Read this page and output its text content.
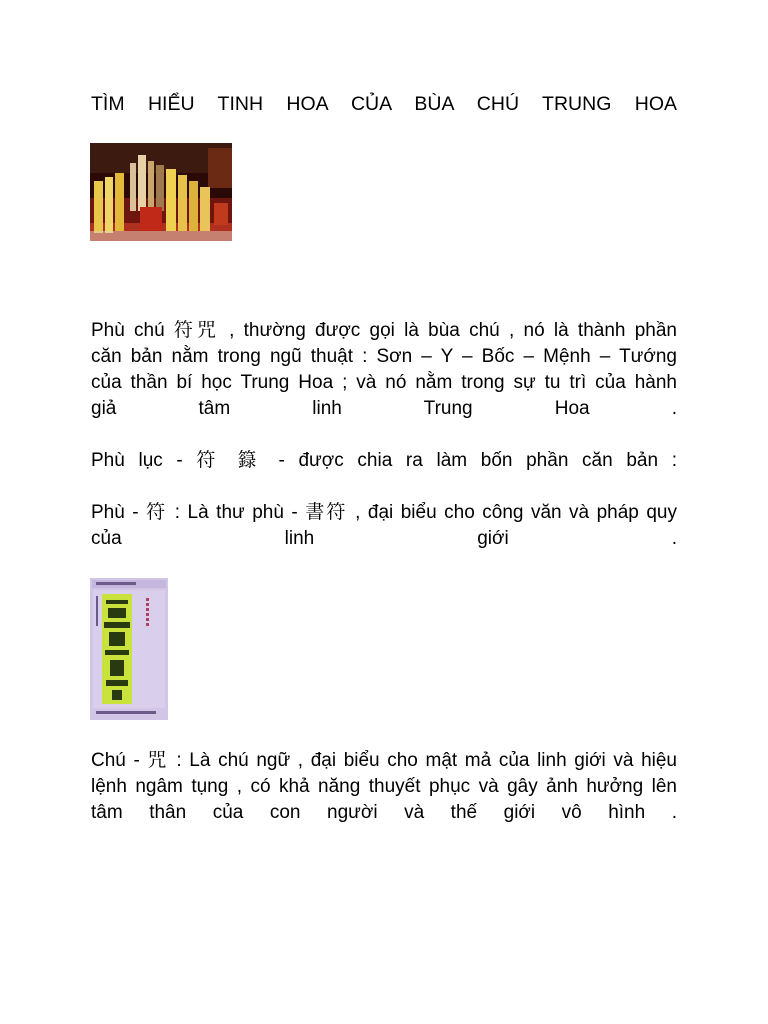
TÌM HIỂU TINH HOA CỦA BÙA CHÚ TRUNG HOA
Phù chú 符咒 , thường được gọi là bùa chú , nó là thành phần
căn bản nằm trong ngũ thuật : Sơn – Y – Bốc – Mệnh – Tướng
của thần bí học Trung Hoa ; và nó nằm trong sự tu trì của hành
giả tâm linh Trung Hoa .
Phù lục - 符 籙 - được chia ra làm bốn phần căn bản :
Phù - 符 : Là thư phù - 書符 , đại biểu cho công văn và pháp quy
của linh giới .
Chú - 咒 : Là chú ngữ , đại biểu cho mật mả của linh giới và hiệu
lệnh ngâm tụng , có khả năng thuyết phục và gây ảnh hưởng lên
tâm thân của con người và thế giới vô hình .
